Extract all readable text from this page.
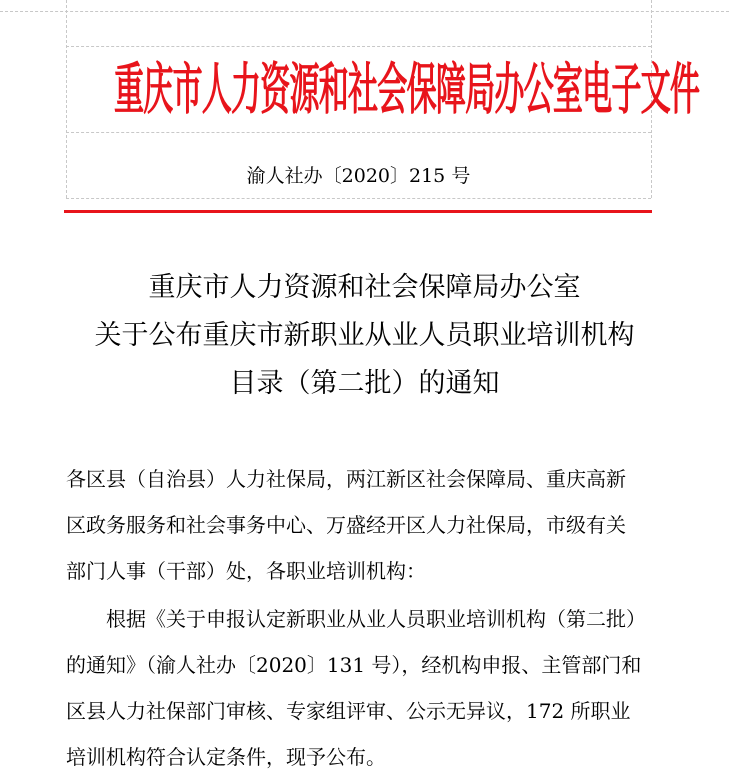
重庆市人力资源和社会保障局办公室电子文件
渝人社办〔2020〕215 号
重庆市人力资源和社会保障局办公室
关于公布重庆市新职业从业人员职业培训机构
目录（第二批）的通知
各区县（自治县）人力社保局，两江新区社会保障局、重庆高新
区政务服务和社会事务中心、万盛经开区人力社保局，市级有关
部门人事（干部）处，各职业培训机构：
根据《关于申报认定新职业从业人员职业培训机构（第二批）
的通知》（渝人社办〔2020〕131 号），经机构申报、主管部门和
区县人力社保部门审核、专家组评审、公示无异议，172 所职业
培训机构符合认定条件，现予公布。
